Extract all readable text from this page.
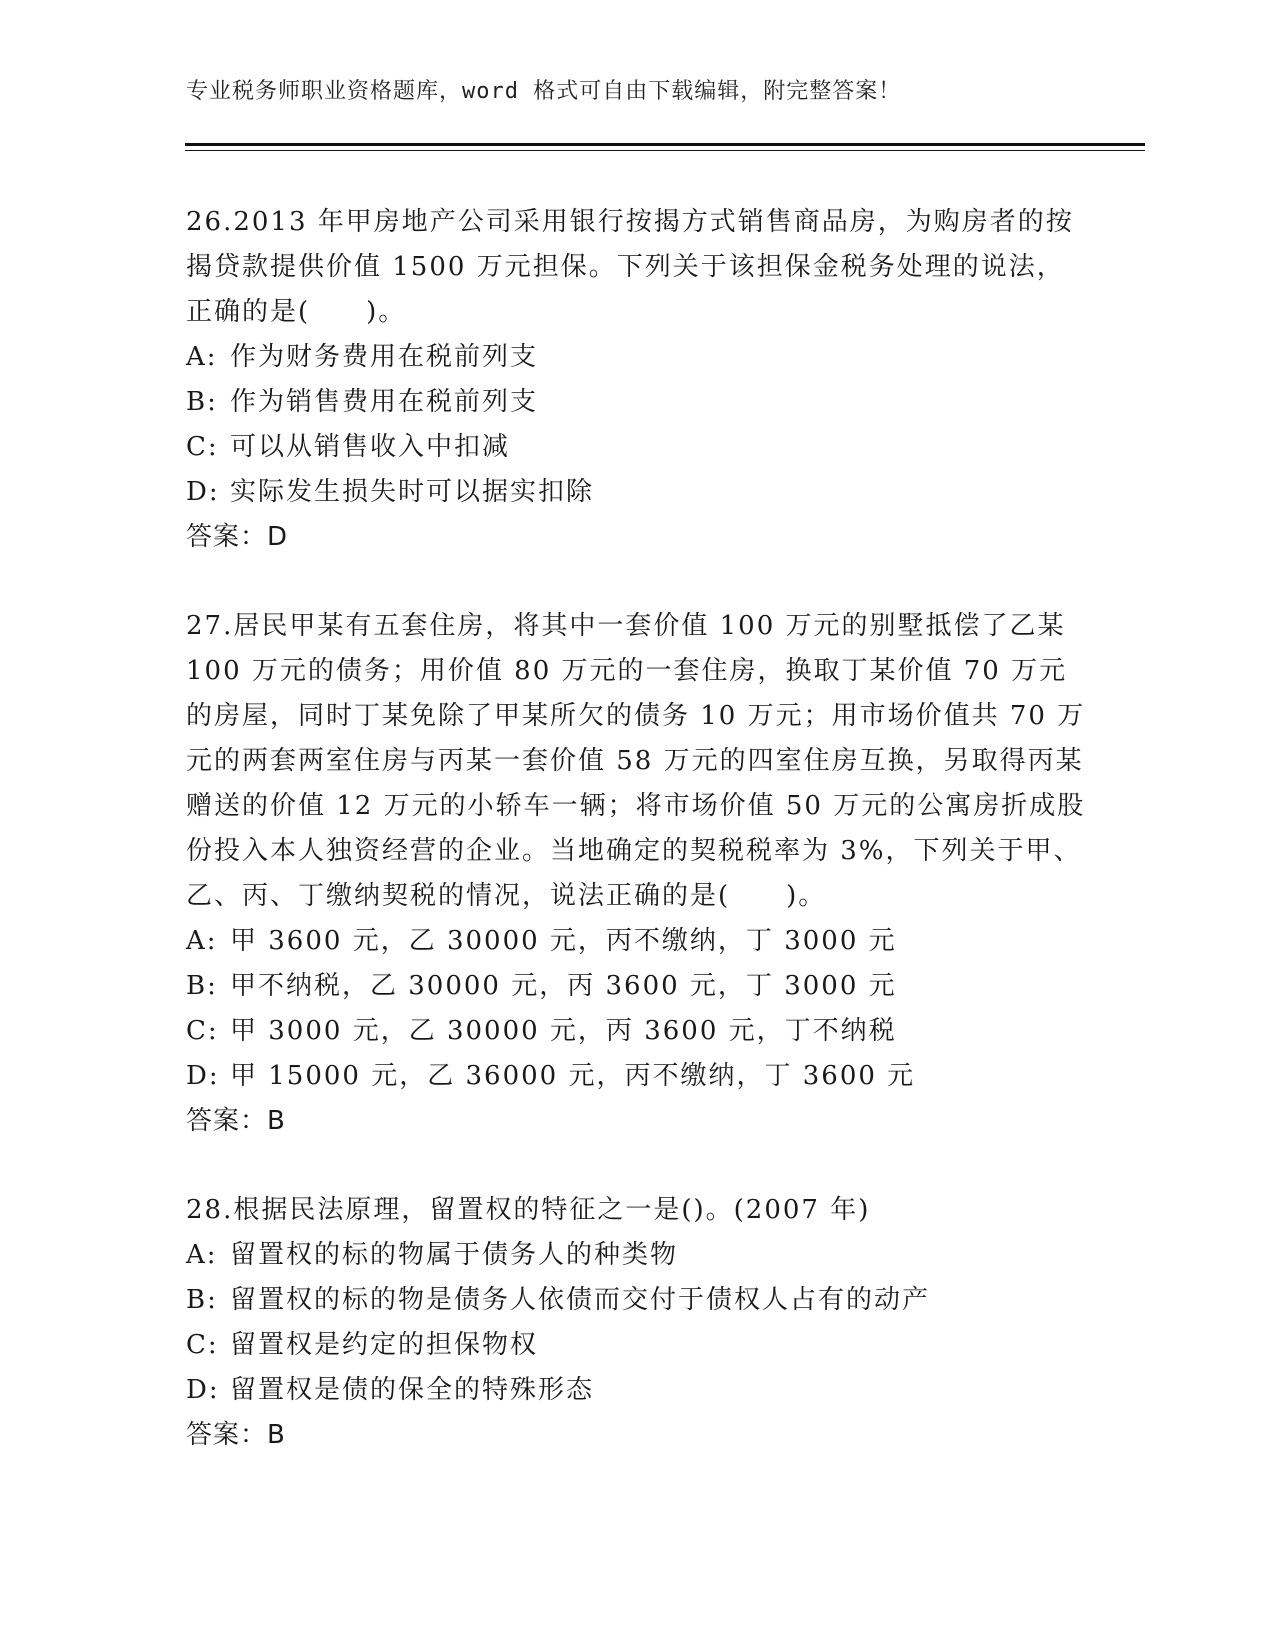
专业税务师职业资格题库，word 格式可自由下载编辑，附完整答案！

26.2013 年甲房地产公司采用银行按揭方式销售商品房，为购房者的按揭贷款提供价值 1500 万元担保。下列关于该担保金税务处理的说法，正确的是(　　)。

A: 作为财务费用在税前列支
B: 作为销售费用在税前列支
C: 可以从销售收入中扣减
D: 实际发生损失时可以据实扣除

答案：D

27.居民甲某有五套住房，将其中一套价值 100 万元的别墅抵偿了乙某 100 万元的债务；用价值 80 万元的一套住房，换取丁某价值 70 万元的房屋，同时丁某免除了甲某所欠的债务 10 万元；用市场价值共 70 万元的两套两室住房与丙某一套价值 58 万元的四室住房互换，另取得丙某赠送的价值 12 万元的小轿车一辆；将市场价值 50 万元的公寓房折成股份投入本人独资经营的企业。当地确定的契税税率为 3%，下列关于甲、乙、丙、丁缴纳契税的情况，说法正确的是(　　)。

A: 甲 3600 元，乙 30000 元，丙不缴纳，丁 3000 元
B: 甲不纳税，乙 30000 元，丙 3600 元，丁 3000 元
C: 甲 3000 元，乙 30000 元，丙 3600 元，丁不纳税
D: 甲 15000 元，乙 36000 元，丙不缴纳，丁 3600 元

答案：B

28.根据民法原理，留置权的特征之一是()。(2007 年)

A: 留置权的标的物属于债务人的种类物
B: 留置权的标的物是债务人依债而交付于债权人占有的动产
C: 留置权是约定的担保物权
D: 留置权是债的保全的特殊形态

答案：B
